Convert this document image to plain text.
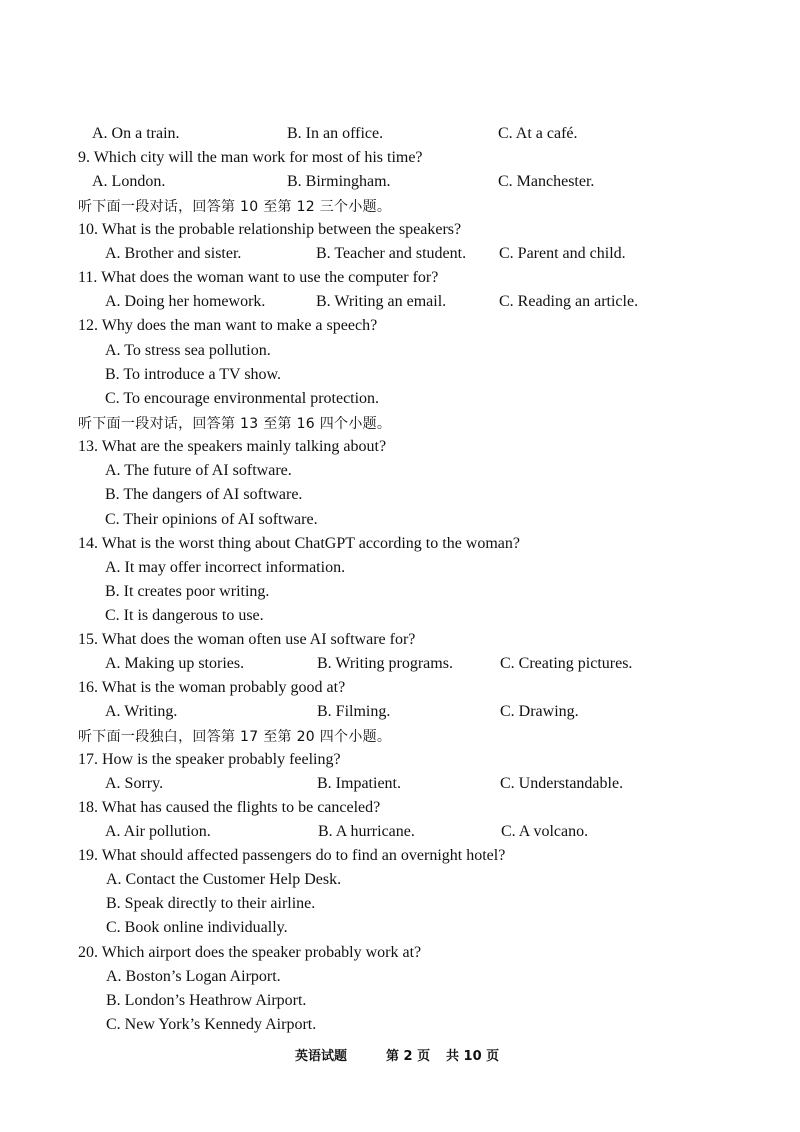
A. On a train.	B. In an office.	C. At a café.
9. Which city will the man work for most of his time?
A. London.	B. Birmingham.	C. Manchester.
听下面一段对话，回答第 10 至第 12 三个小题。
10. What is the probable relationship between the speakers?
A. Brother and sister.	B. Teacher and student. C. Parent and child.
11. What does the woman want to use the computer for?
A. Doing her homework.	B. Writing an email.	C. Reading an article.
12. Why does the man want to make a speech?
A. To stress sea pollution.
B. To introduce a TV show.
C. To encourage environmental protection.
听下面一段对话，回答第 13 至第 16 四个小题。
13. What are the speakers mainly talking about?
A. The future of AI software.
B. The dangers of AI software.
C. Their opinions of AI software.
14. What is the worst thing about ChatGPT according to the woman?
A. It may offer incorrect information.
B. It creates poor writing.
C. It is dangerous to use.
15. What does the woman often use AI software for?
A. Making up stories.	B. Writing programs.	C. Creating pictures.
16. What is the woman probably good at?
A. Writing.	B. Filming.	C. Drawing.
听下面一段独白，回答第 17 至第 20 四个小题。
17. How is the speaker probably feeling?
A. Sorry.	B. Impatient.	C. Understandable.
18. What has caused the flights to be canceled?
A. Air pollution.	B. A hurricane.	C. A volcano.
19. What should affected passengers do to find an overnight hotel?
A. Contact the Customer Help Desk.
B. Speak directly to their airline.
C. Book online individually.
20. Which airport does the speaker probably work at?
A. Boston’s Logan Airport.
B. London’s Heathrow Airport.
C. New York’s Kennedy Airport.
英语试题	第 2 页 共 10 页
